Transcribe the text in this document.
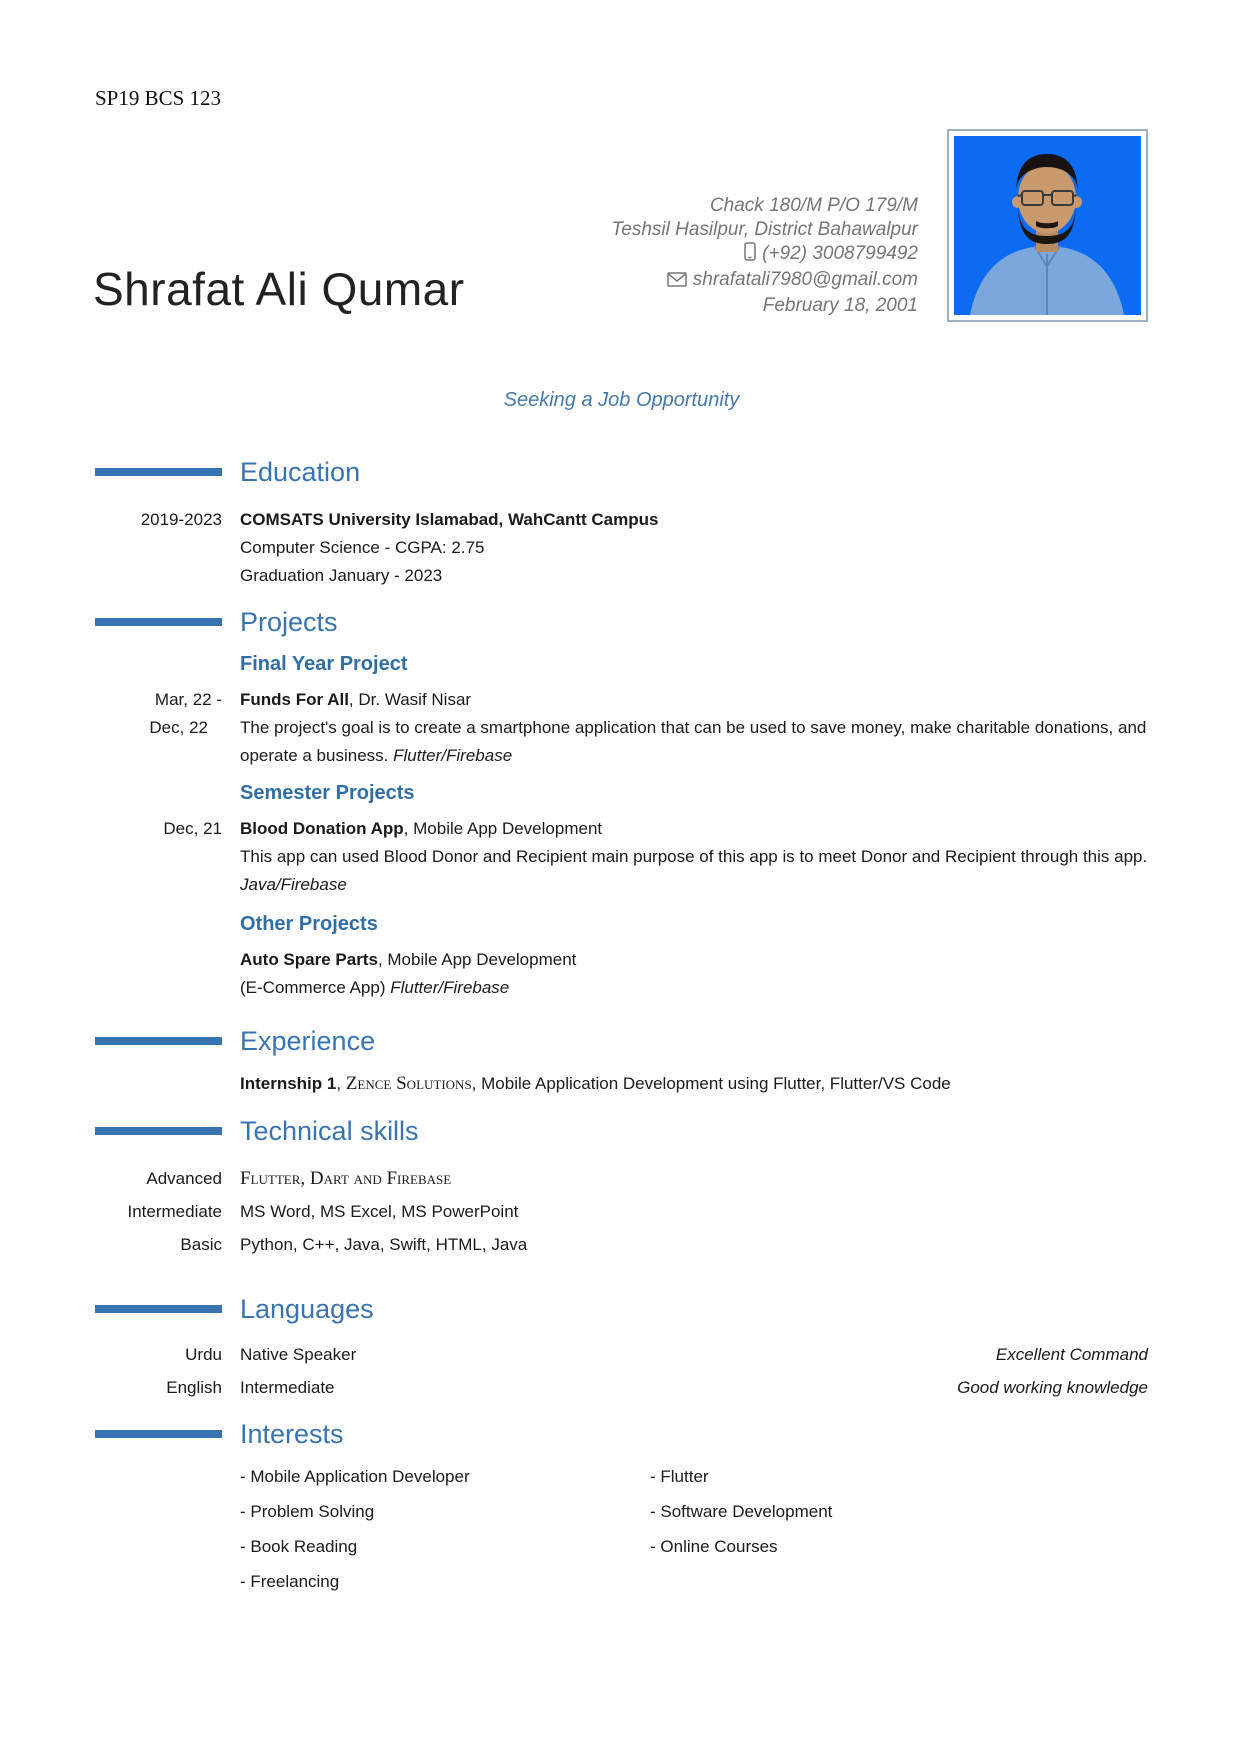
SP19 BCS 123
Shrafat Ali Qumar
Chack 180/M P/O 179/M
Teshsil Hasilpur, District Bahawalpur
(+92) 3008799492
shrafatali7980@gmail.com
February 18, 2001
Seeking a Job Opportunity
Education
2019-2023 COMSATS University Islamabad, WahCantt Campus
Computer Science - CGPA: 2.75
Graduation January - 2023
Projects
Final Year Project
Mar, 22 -
Dec, 22
Funds For All, Dr. Wasif Nisar
The project's goal is to create a smartphone application that can be used to save money, make charitable donations, and operate a business. Flutter/Firebase
Semester Projects
Dec, 21 Blood Donation App, Mobile App Development
This app can used Blood Donor and Recipient main purpose of this app is to meet Donor and Recipient through this app. Java/Firebase
Other Projects
Auto Spare Parts, Mobile App Development
(E-Commerce App) Flutter/Firebase
Experience
Internship 1, Zence Solutions, Mobile Application Development using Flutter, Flutter/VS Code
Technical skills
Advanced Flutter, Dart and Firebase
Intermediate MS Word, MS Excel, MS PowerPoint
Basic Python, C++, Java, Swift, HTML, Java
Languages
Urdu Native Speaker	Excellent Command
English Intermediate	Good working knowledge
Interests
- Mobile Application Developer
- Problem Solving
- Book Reading
- Freelancing
- Flutter
- Software Development
- Online Courses
